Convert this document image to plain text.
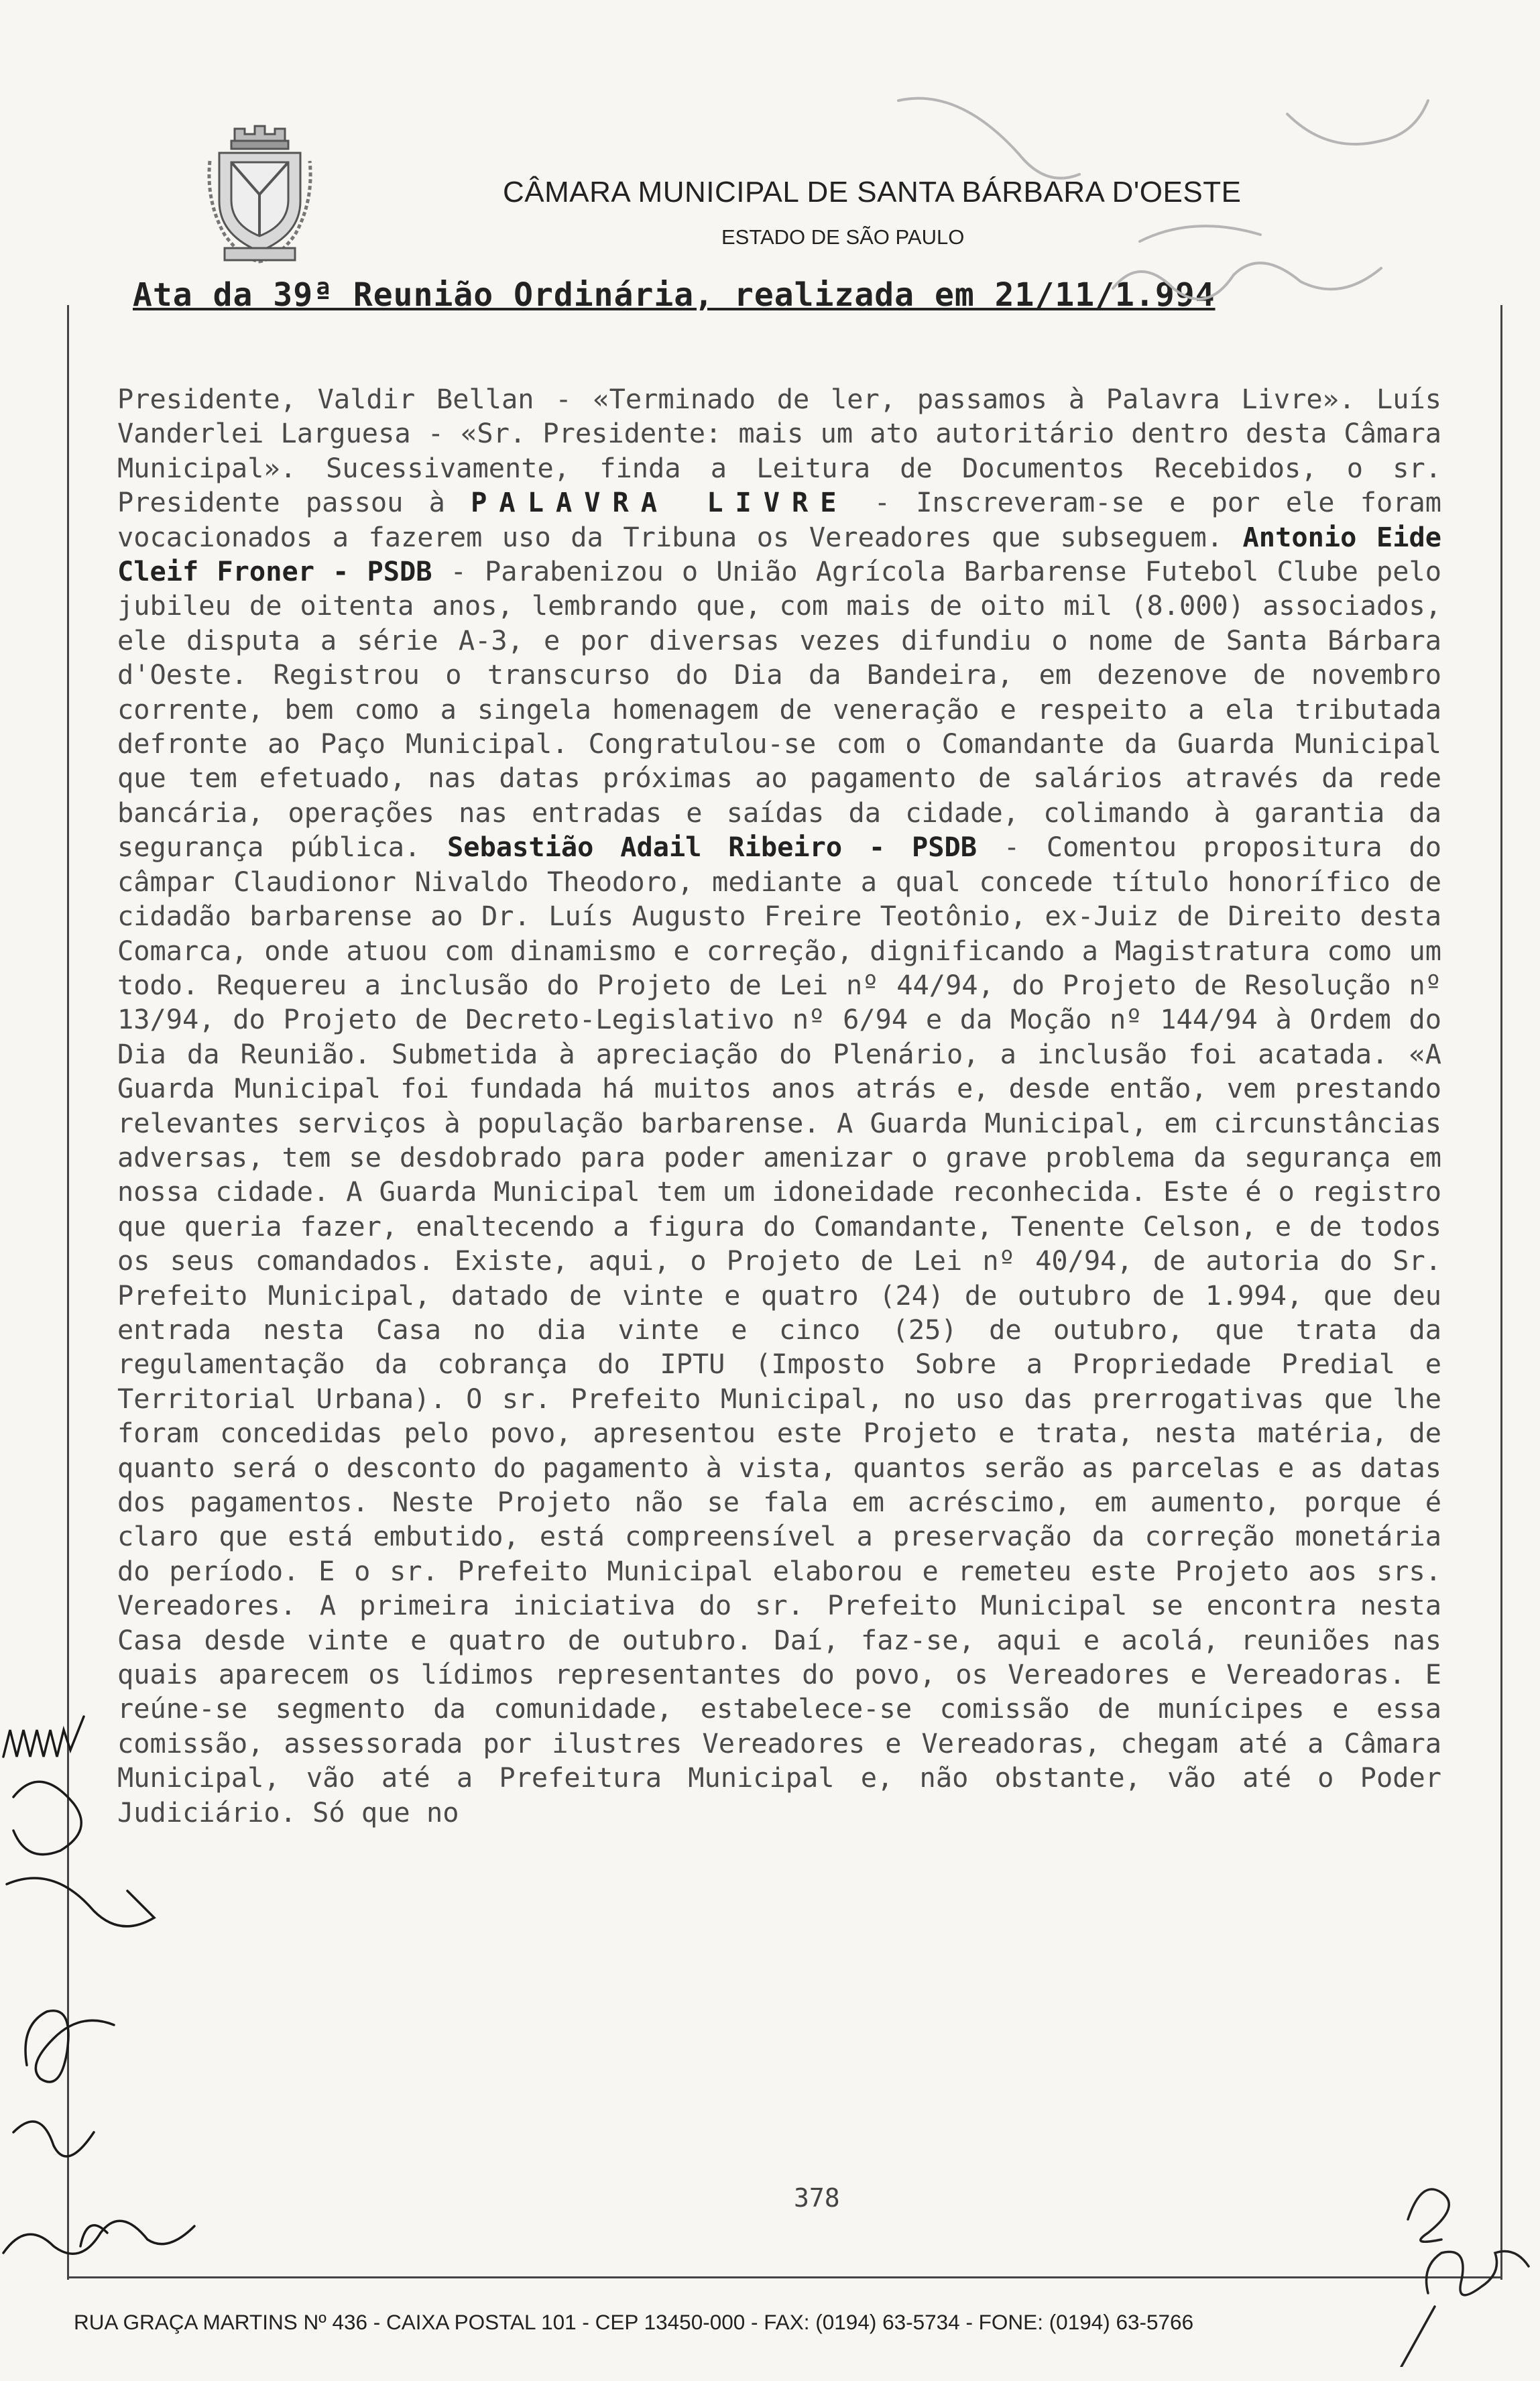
CÂMARA MUNICIPAL DE SANTA BÁRBARA D'OESTE
ESTADO DE SÃO PAULO
Ata da 39ª Reunião Ordinária, realizada em 21/11/1.994

Presidente, Valdir Bellan - «Terminado de ler, passamos à Palavra Livre». Luís Vanderlei Larguesa - «Sr. Presidente: mais um ato autoritário dentro desta Câmara Municipal». Sucessivamente, finda a Leitura de Documentos Recebidos, o sr. Presidente passou à PALAVRA LIVRE - Inscreveram-se e por ele foram vocacionados a fazerem uso da Tribuna os Vereadores que subseguem. Antonio Eide Cleif Froner - PSDB - Parabenizou o União Agrícola Barbarense Futebol Clube pelo jubileu de oitenta anos, lembrando que, com mais de oito mil (8.000) associados, ele disputa a série A-3, e por diversas vezes difundiu o nome de Santa Bárbara d'Oeste. Registrou o transcurso do Dia da Bandeira, em dezenove de novembro corrente, bem como a singela homenagem de veneração e respeito a ela tributada defronte ao Paço Municipal. Congratulou-se com o Comandante da Guarda Municipal que tem efetuado, nas datas próximas ao pagamento de salários através da rede bancária, operações nas entradas e saídas da cidade, colimando à garantia da segurança pública. Sebastião Adail Ribeiro - PSDB - Comentou propositura do câmpar Claudionor Nivaldo Theodoro, mediante a qual concede título honorífico de cidadão barbarense ao Dr. Luís Augusto Freire Teotônio, ex-Juiz de Direito desta Comarca, onde atuou com dinamismo e correção, dignificando a Magistratura como um todo. Requereu a inclusão do Projeto de Lei nº 44/94, do Projeto de Resolução nº 13/94, do Projeto de Decreto-Legislativo nº 6/94 e da Moção nº 144/94 à Ordem do Dia da Reunião. Submetida à apreciação do Plenário, a inclusão foi acatada. «A Guarda Municipal foi fundada há muitos anos atrás e, desde então, vem prestando relevantes serviços à população barbarense. A Guarda Municipal, em circunstâncias adversas, tem se desdobrado para poder amenizar o grave problema da segurança em nossa cidade. A Guarda Municipal tem um idoneidade reconhecida. Este é o registro que queria fazer, enaltecendo a figura do Comandante, Tenente Celson, e de todos os seus comandados. Existe, aqui, o Projeto de Lei nº 40/94, de autoria do Sr. Prefeito Municipal, datado de vinte e quatro (24) de outubro de 1.994, que deu entrada nesta Casa no dia vinte e cinco (25) de outubro, que trata da regulamentação da cobrança do IPTU (Imposto Sobre a Propriedade Predial e Territorial Urbana). O sr. Prefeito Municipal, no uso das prerrogativas que lhe foram concedidas pelo povo, apresentou este Projeto e trata, nesta matéria, de quanto será o desconto do pagamento à vista, quantos serão as parcelas e as datas dos pagamentos. Neste Projeto não se fala em acréscimo, em aumento, porque é claro que está embutido, está compreensível a preservação da correção monetária do período. E o sr. Prefeito Municipal elaborou e remeteu este Projeto aos srs. Vereadores. A primeira iniciativa do sr. Prefeito Municipal se encontra nesta Casa desde vinte e quatro de outubro. Daí, faz-se, aqui e acolá, reuniões nas quais aparecem os lídimos representantes do povo, os Vereadores e Vereadoras. E reúne-se segmento da comunidade, estabelece-se comissão de munícipes e essa comissão, assessorada por ilustres Vereadores e Vereadoras, chegam até a Câmara Municipal, vão até a Prefeitura Municipal e, não obstante, vão até o Poder Judiciário. Só que no

378
RUA GRAÇA MARTINS Nº 436 - CAIXA POSTAL 101 - CEP 13450-000 - FAX: (0194) 63-5734 - FONE: (0194) 63-5766
